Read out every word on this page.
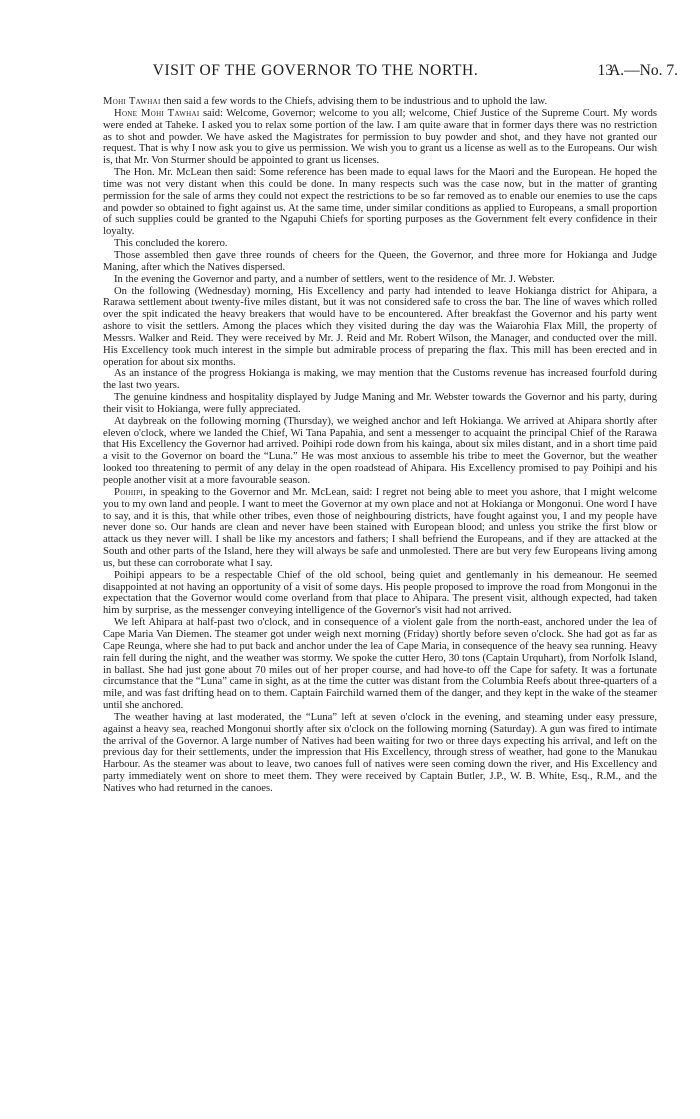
VISIT OF THE GOVERNOR TO THE NORTH.	13
A.—No. 7.

Mohi Tawhai then said a few words to the Chiefs, advising them to be industrious and to uphold the law.

Hone Mohi Tawhai said: Welcome, Governor; welcome to you all; welcome, Chief Justice of the Supreme Court. My words were ended at Taheke. I asked you to relax some portion of the law. I am quite aware that in former days there was no restriction as to shot and powder. We have asked the Magistrates for permission to buy powder and shot, and they have not granted our request. That is why I now ask you to give us permission. We wish you to grant us a license as well as to the Europeans. Our wish is, that Mr. Von Sturmer should be appointed to grant us licenses.

The Hon. Mr. McLean then said: Some reference has been made to equal laws for the Maori and the European. He hoped the time was not very distant when this could be done. In many respects such was the case now, but in the matter of granting permission for the sale of arms they could not expect the restrictions to be so far removed as to enable our enemies to use the caps and powder so obtained to fight against us. At the same time, under similar conditions as applied to Europeans, a small proportion of such supplies could be granted to the Ngapuhi Chiefs for sporting purposes as the Government felt every confidence in their loyalty.

This concluded the korero.

Those assembled then gave three rounds of cheers for the Queen, the Governor, and three more for Hokianga and Judge Maning, after which the Natives dispersed.

In the evening the Governor and party, and a number of settlers, went to the residence of Mr. J. Webster.

On the following (Wednesday) morning, His Excellency and party had intended to leave Hokianga district for Ahipara, a Rarawa settlement about twenty-five miles distant, but it was not considered safe to cross the bar. The line of waves which rolled over the spit indicated the heavy breakers that would have to be encountered. After breakfast the Governor and his party went ashore to visit the settlers. Among the places which they visited during the day was the Waiarohia Flax Mill, the property of Messrs. Walker and Reid. They were received by Mr. J. Reid and Mr. Robert Wilson, the Manager, and conducted over the mill. His Excellency took much interest in the simple but admirable process of preparing the flax. This mill has been erected and in operation for about six months.

As an instance of the progress Hokianga is making, we may mention that the Customs revenue has increased fourfold during the last two years.

The genuine kindness and hospitality displayed by Judge Maning and Mr. Webster towards the Governor and his party, during their visit to Hokianga, were fully appreciated.

At daybreak on the following morning (Thursday), we weighed anchor and left Hokianga. We arrived at Ahipara shortly after eleven o'clock, where we landed the Chief, Wi Tana Papahia, and sent a messenger to acquaint the principal Chief of the Rarawa that His Excellency the Governor had arrived. Poihipi rode down from his kainga, about six miles distant, and in a short time paid a visit to the Governor on board the “Luna.” He was most anxious to assemble his tribe to meet the Governor, but the weather looked too threatening to permit of any delay in the open roadstead of Ahipara. His Excellency promised to pay Poihipi and his people another visit at a more favourable season.

Poihipi, in speaking to the Governor and Mr. McLean, said: I regret not being able to meet you ashore, that I might welcome you to my own land and people. I want to meet the Governor at my own place and not at Hokianga or Mongonui. One word I have to say, and it is this, that while other tribes, even those of neighbouring districts, have fought against you, I and my people have never done so. Our hands are clean and never have been stained with European blood; and unless you strike the first blow or attack us they never will. I shall be like my ancestors and fathers; I shall befriend the Europeans, and if they are attacked at the South and other parts of the Island, here they will always be safe and unmolested. There are but very few Europeans living among us, but these can corroborate what I say.

Poihipi appears to be a respectable Chief of the old school, being quiet and gentlemanly in his demeanour. He seemed disappointed at not having an opportunity of a visit of some days. His people proposed to improve the road from Mongonui in the expectation that the Governor would come overland from that place to Ahipara. The present visit, although expected, had taken him by surprise, as the messenger conveying intelligence of the Governor's visit had not arrived.

We left Ahipara at half-past two o'clock, and in consequence of a violent gale from the north-east, anchored under the lea of Cape Maria Van Diemen. The steamer got under weigh next morning (Friday) shortly before seven o'clock. She had got as far as Cape Reunga, where she had to put back and anchor under the lea of Cape Maria, in consequence of the heavy sea running. Heavy rain fell during the night, and the weather was stormy. We spoke the cutter Hero, 30 tons (Captain Urquhart), from Norfolk Island, in ballast. She had just gone about 70 miles out of her proper course, and had hove-to off the Cape for safety. It was a fortunate circumstance that the “Luna” came in sight, as at the time the cutter was distant from the Columbia Reefs about three-quarters of a mile, and was fast drifting head on to them. Captain Fairchild warned them of the danger, and they kept in the wake of the steamer until she anchored.

The weather having at last moderated, the “Luna” left at seven o'clock in the evening, and steaming under easy pressure, against a heavy sea, reached Mongonui shortly after six o'clock on the following morning (Saturday). A gun was fired to intimate the arrival of the Governor. A large number of Natives had been waiting for two or three days expecting his arrival, and left on the previous day for their settlements, under the impression that His Excellency, through stress of weather, had gone to the Manukau Harbour. As the steamer was about to leave, two canoes full of natives were seen coming down the river, and His Excellency and party immediately went on shore to meet them. They were received by Captain Butler, J.P., W. B. White, Esq., R.M., and the Natives who had returned in the canoes.
